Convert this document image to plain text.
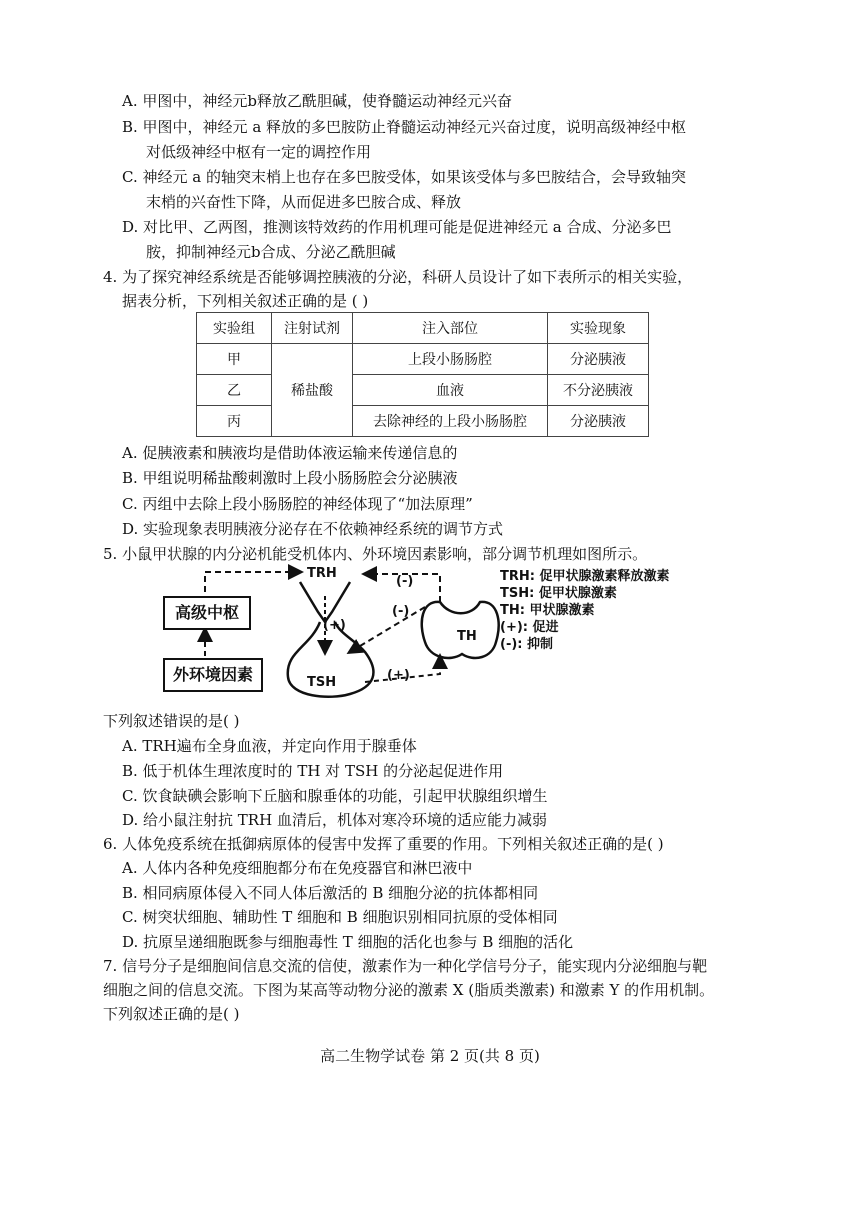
A. 甲图中，神经元b释放乙酰胆碱，使脊髓运动神经元兴奋
B. 甲图中，神经元 a 释放的多巴胺防止脊髓运动神经元兴奋过度，说明高级神经中枢
对低级神经中枢有一定的调控作用
C. 神经元 a 的轴突末梢上也存在多巴胺受体，如果该受体与多巴胺结合，会导致轴突
末梢的兴奋性下降，从而促进多巴胺合成、释放
D. 对比甲、乙两图，推测该特效药的作用机理可能是促进神经元 a 合成、分泌多巴
胺，抑制神经元b合成、分泌乙酰胆碱
4. 为了探究神经系统是否能够调控胰液的分泌，科研人员设计了如下表所示的相关实验，
据表分析，下列相关叙述正确的是 ( )
实验组	注射试剂	注入部位	实验现象
甲	稀盐酸	上段小肠肠腔	分泌胰液
乙		血液	不分泌胰液
丙		去除神经的上段小肠肠腔	分泌胰液
A. 促胰液素和胰液均是借助体液运输来传递信息的
B. 甲组说明稀盐酸刺激时上段小肠肠腔会分泌胰液
C. 丙组中去除上段小肠肠腔的神经体现了“加法原理”
D. 实验现象表明胰液分泌存在不依赖神经系统的调节方式
5. 小鼠甲状腺的内分泌机能受机体内、外环境因素影响，部分调节机理如图所示。
高级中枢
外环境因素
TRH
TSH
TH
(+)
(+)
(-)
(-)
TRH: 促甲状腺激素释放激素
TSH: 促甲状腺激素
TH: 甲状腺激素
(+): 促进
(-): 抑制
下列叙述错误的是( )
A. TRH遍布全身血液，并定向作用于腺垂体
B. 低于机体生理浓度时的 TH 对 TSH 的分泌起促进作用
C. 饮食缺碘会影响下丘脑和腺垂体的功能，引起甲状腺组织增生
D. 给小鼠注射抗 TRH 血清后，机体对寒冷环境的适应能力减弱
6. 人体免疫系统在抵御病原体的侵害中发挥了重要的作用。下列相关叙述正确的是( )
A. 人体内各种免疫细胞都分布在免疫器官和淋巴液中
B. 相同病原体侵入不同人体后激活的 B 细胞分泌的抗体都相同
C. 树突状细胞、辅助性 T 细胞和 B 细胞识别相同抗原的受体相同
D. 抗原呈递细胞既参与细胞毒性 T 细胞的活化也参与 B 细胞的活化
7. 信号分子是细胞间信息交流的信使，激素作为一种化学信号分子，能实现内分泌细胞与靶
细胞之间的信息交流。下图为某高等动物分泌的激素 X (脂质类激素) 和激素 Y 的作用机制。
下列叙述正确的是( )
高二生物学试卷 第 2 页(共 8 页)
